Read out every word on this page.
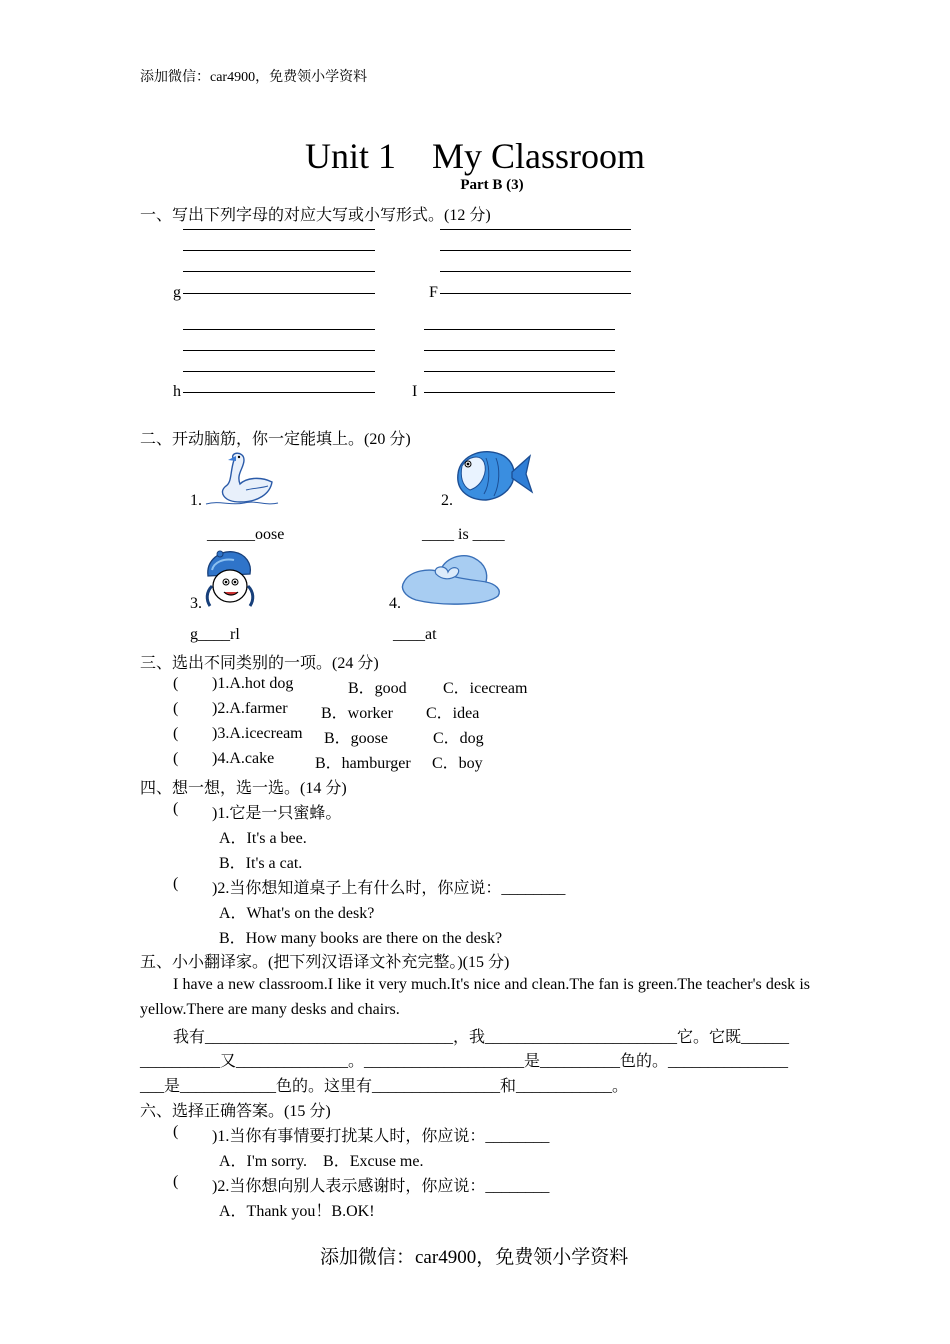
添加微信：car4900，免费领小学资料
Unit 1　My Classroom
Part B (3)
一、写出下列字母的对应大写或小写形式。(12 分)
g	F
h	I
二、开动脑筋，你一定能填上。(20 分)
1.
______oose
2.
____ is ____
3.
g____rl
4.
____at
三、选出不同类别的一项。(24 分)
( )1.A.hot dog	B．good C．icecream
( )2.A.farmer B．worker C．idea
( )3.A.icecream B．goose	C．dog
( )4.A.cake	B．hamburger C．boy
四、想一想，选一选。(14 分)
( )1.它是一只蜜蜂。
A．It's a bee.
B．It's a cat.
( )2.当你想知道桌子上有什么时，你应说：________
A．What's on the desk?
B．How many books are there on the desk?
五、小小翻译家。(把下列汉语译文补充完整。)(15 分)
I have a new classroom.I like it very much.It's nice and clean.The fan is green.The teacher's desk is yellow.There are many desks and chairs.
我有_______________________________，我________________________它。它既______
__________又______________。____________________是__________色的。_______________
___是____________色的。这里有________________和____________。
六、选择正确答案。(15 分)
( )1.当你有事情要打扰某人时，你应说：________
A．I'm sorry.　B．Excuse me.
( )2.当你想向别人表示感谢时，你应说：________
A．Thank you！B.OK!
添加微信：car4900，免费领小学资料
